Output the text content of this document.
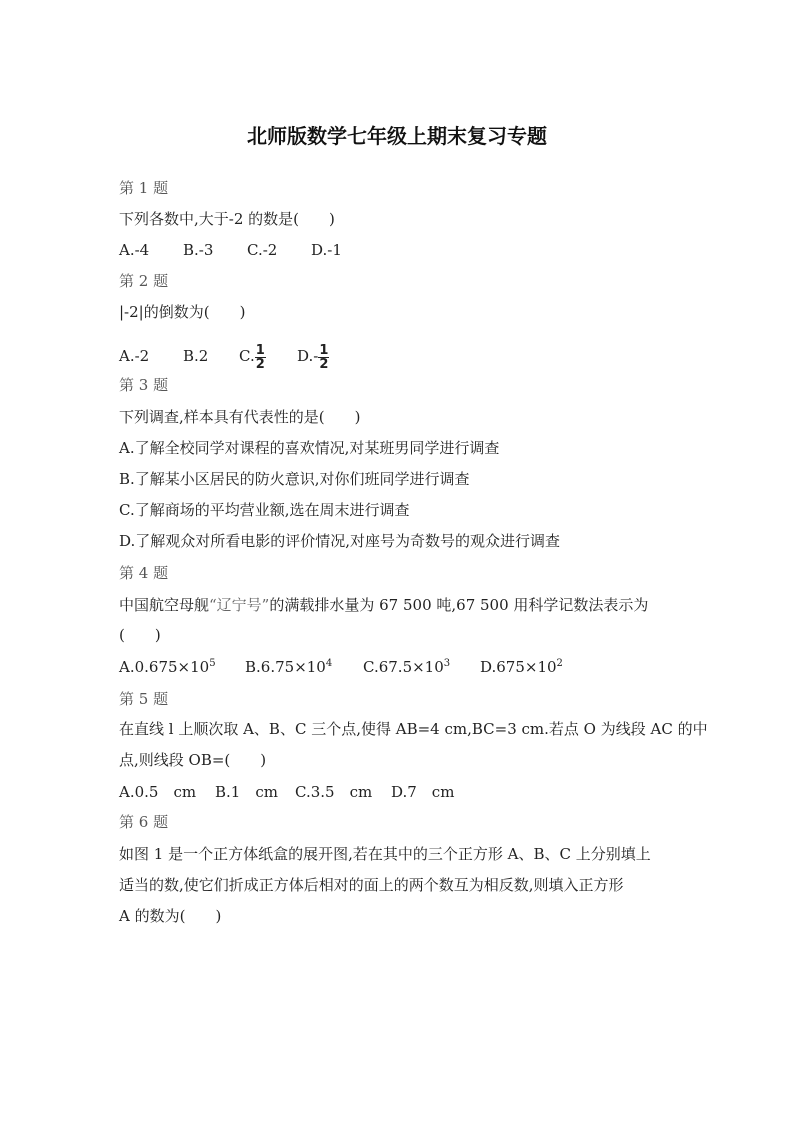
北师版数学七年级上期末复习专题
第 1 题
下列各数中,大于-2 的数是(　　)
A.-4 B.-3 C.-2 D.-1
第 2 题
|-2|的倒数为(　　)
A.-2 B.2 C. $\frac{1}{2} D.- \frac{1}{2}$
第 3 题
下列调查,样本具有代表性的是(　　)
A.了解全校同学对课程的喜欢情况,对某班男同学进行调查
B.了解某小区居民的防火意识,对你们班同学进行调查
C.了解商场的平均营业额,选在周末进行调查
D.了解观众对所看电影的评价情况,对座号为奇数号的观众进行调查
第 4 题
中国航空母舰“辽宁号”的满载排水量为 67 500 吨,67 500 用科学记数法表示为
(　　)
$A.0.675\times 10^5$ $B.6.75\times 10^4$ $C.67.5\times 10^3$ $D.675\times 10^2$
第 5 题
在直线 l 上顺次取 A、B、C 三个点,使得 AB=4 cm,BC=3 cm.若点 O 为线段 AC 的中
点,则线段 OB=(　　)
A.0.5　cm B.1　cm C.3.5　cm D.7　cm
第 6 题
如图 1 是一个正方体纸盒的展开图,若在其中的三个正方形 A、B、C 上分别填上
适当的数,使它们折成正方体后相对的面上的两个数互为相反数,则填入正方形
A 的数为(　　)
